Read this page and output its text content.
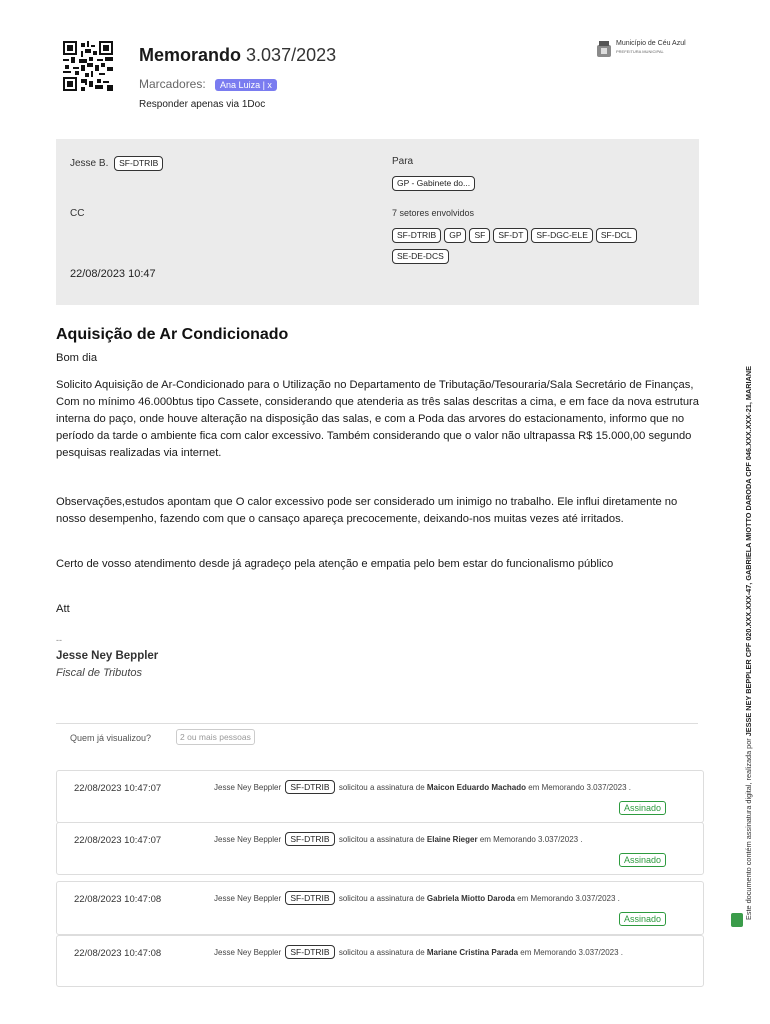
Memorando 3.037/2023
Marcadores: Ana Luiza | x
Responder apenas via 1Doc
Município de Céu Azul
PREFEITURA MUNICIPAL
Jesse B. SF-DTRIB	Para
GP - Gabinete do...
CC	7 setores envolvidos
SF-DTRIB GP SF SF-DT SF-DGC-ELE SF-DCL
SE-DE-DCS
22/08/2023 10:47
Aquisição de Ar Condicionado
Bom dia
Solicito Aquisição de Ar-Condicionado para o Utilização no Departamento de Tributação/Tesouraria/Sala Secretário de Finanças, Com no mínimo 46.000btus tipo Cassete, considerando que atenderia as três salas descritas a cima, e em face da nova estrutura interna do paço, onde houve alteração na disposição das salas, e com a Poda das arvores do estacionamento, informo que no período da tarde o ambiente fica com calor excessivo. Também considerando que o valor não ultrapassa R$ 15.000,00 segundo pesquisas realizadas via internet.
Observações,estudos apontam que O calor excessivo pode ser considerado um inimigo no trabalho. Ele influi diretamente no nosso desempenho, fazendo com que o cansaço apareça precocemente, deixando-nos muitas vezes até irritados.
Certo de vosso atendimento desde já agradeço pela atenção e empatia pelo bem estar do funcionalismo público
Att
--
Jesse Ney Beppler
Fiscal de Tributos
Quem já visualizou?	2 ou mais pessoas
22/08/2023 10:47:07	Jesse Ney Beppler SF-DTRIB solicitou a assinatura de Maicon Eduardo Machado em Memorando 3.037/2023 .
Assinado
22/08/2023 10:47:07	Jesse Ney Beppler SF-DTRIB solicitou a assinatura de Elaine Rieger em Memorando 3.037/2023 .
Assinado
22/08/2023 10:47:08	Jesse Ney Beppler SF-DTRIB solicitou a assinatura de Gabriela Miotto Daroda em Memorando 3.037/2023 .
Assinado
22/08/2023 10:47:08	Jesse Ney Beppler SF-DTRIB solicitou a assinatura de Mariane Cristina Parada em Memorando 3.037/2023 .
Este documento contém assinatura digital, realizada por JESSE NEY BEPPLER CPF 020.XXX.XXX-47, GABRIELA MIOTTO DARODA CPF 046.XXX.XXX-21, MARIANE
